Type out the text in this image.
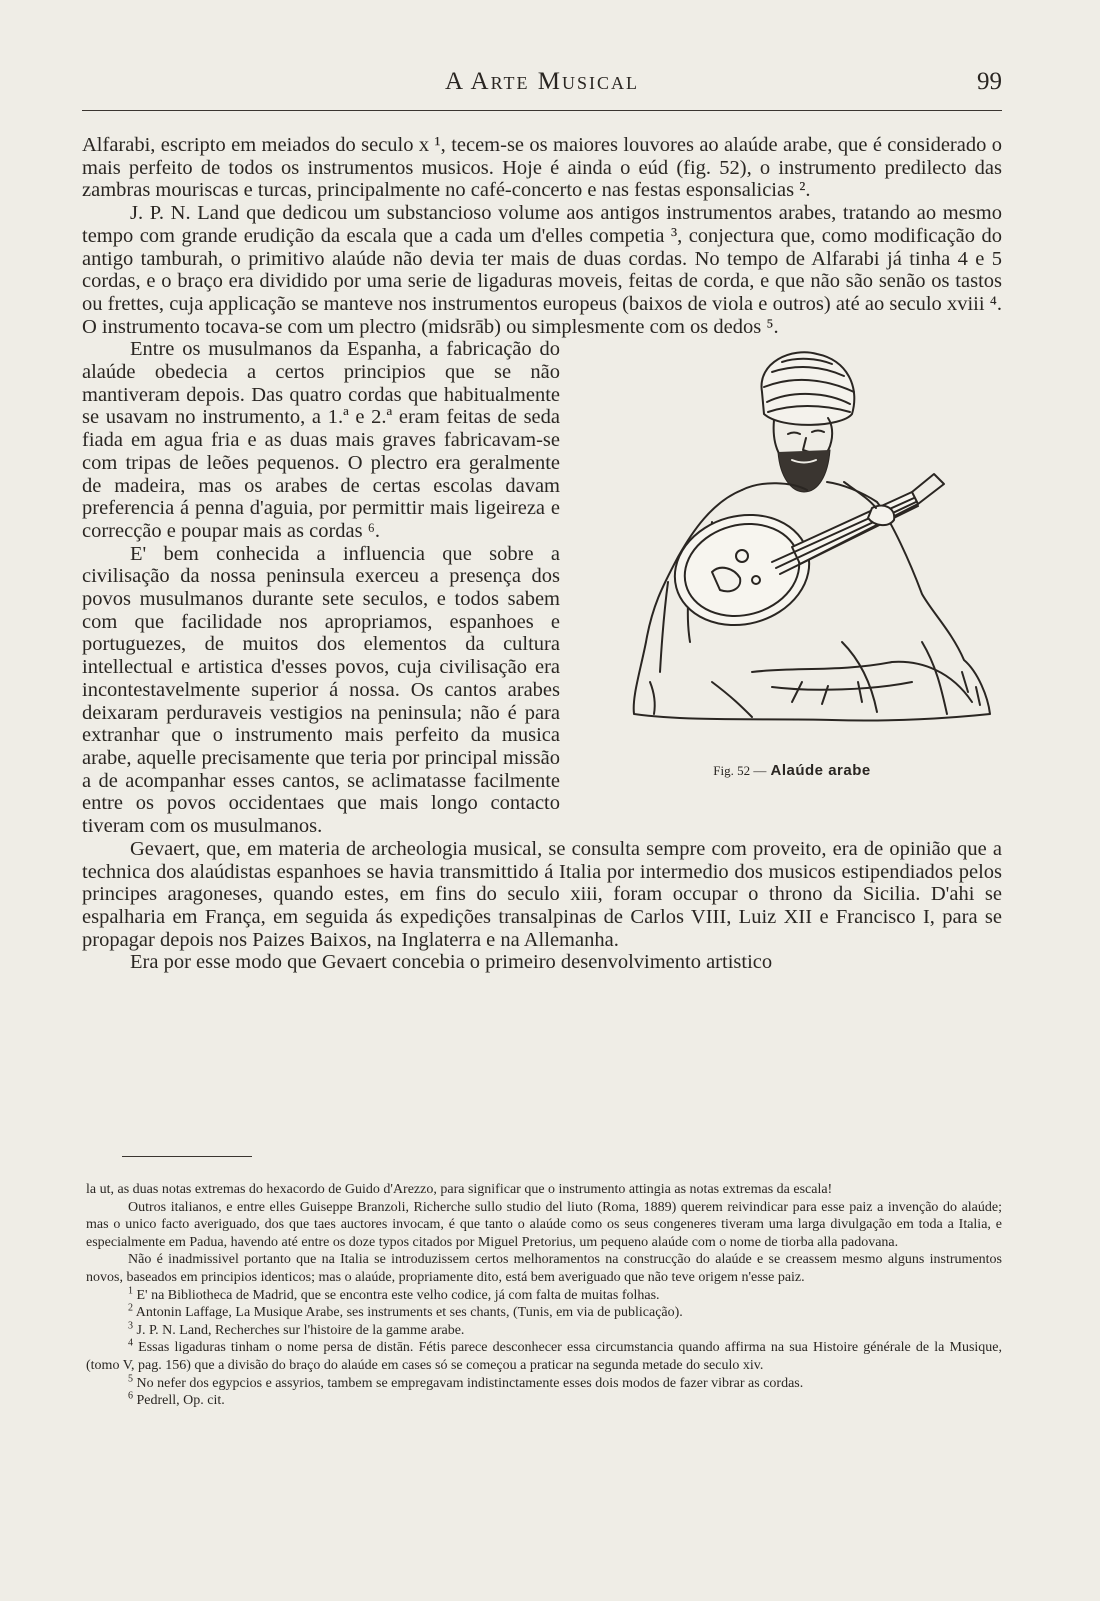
A Arte Musical	99

Alfarabi, escripto em meiados do seculo x ¹, tecem-se os maiores louvores ao alaúde arabe, que é considerado o mais perfeito de todos os instrumentos musicos. Hoje é ainda o eúd (fig. 52), o instrumento predilecto das zambras mouriscas e turcas, principalmente no café-concerto e nas festas esponsalicias ².

J. P. N. Land que dedicou um substancioso volume aos antigos instrumentos arabes, tratando ao mesmo tempo com grande erudição da escala que a cada um d'elles competia ³, conjectura que, como modificação do antigo tamburah, o primitivo alaúde não devia ter mais de duas cordas. No tempo de Alfarabi já tinha 4 e 5 cordas, e o braço era dividido por uma serie de ligaduras moveis, feitas de corda, e que não são senão os tastos ou frettes, cuja applicação se manteve nos instrumentos europeus (baixos de viola e outros) até ao seculo xviii ⁴. O instrumento tocava-se com um plectro (midsrāb) ou simplesmente com os dedos ⁵.

Fig. 52 — Alaúde arabe

Entre os musulmanos da Espanha, a fabricação do alaúde obedecia a certos principios que se não mantiveram depois. Das quatro cordas que habitualmente se usavam no instrumento, a 1.ª e 2.ª eram feitas de seda fiada em agua fria e as duas mais graves fabricavam-se com tripas de leões pequenos. O plectro era geralmente de madeira, mas os arabes de certas escolas davam preferencia á penna d'aguia, por permittir mais ligeireza e correcção e poupar mais as cordas ⁶.

E' bem conhecida a influencia que sobre a civilisação da nossa peninsula exerceu a presença dos povos musulmanos durante sete seculos, e todos sabem com que facilidade nos apropriamos, espanhoes e portuguezes, de muitos dos elementos da cultura intellectual e artistica d'esses povos, cuja civilisação era incontestavelmente superior á nossa. Os cantos arabes deixaram perduraveis vestigios na peninsula; não é para extranhar que o instrumento mais perfeito da musica arabe, aquelle precisamente que teria por principal missão a de acompanhar esses cantos, se aclimatasse facilmente entre os povos occidentaes que mais longo contacto tiveram com os musulmanos.

Gevaert, que, em materia de archeologia musical, se consulta sempre com proveito, era de opinião que a technica dos alaúdistas espanhoes se havia transmittido á Italia por intermedio dos musicos estipendiados pelos principes aragoneses, quando estes, em fins do seculo xiii, foram occupar o throno da Sicilia. D'ahi se espalharia em França, em seguida ás expedições transalpinas de Carlos VIII, Luiz XII e Francisco I, para se propagar depois nos Paizes Baixos, na Inglaterra e na Allemanha.

Era por esse modo que Gevaert concebia o primeiro desenvolvimento artistico

la ut, as duas notas extremas do hexacordo de Guido d'Arezzo, para significar que o instrumento attingia as notas extremas da escala!

Outros italianos, e entre elles Guiseppe Branzoli, Richerche sullo studio del liuto (Roma, 1889) querem reivindicar para esse paiz a invenção do alaúde; mas o unico facto averiguado, dos que taes auctores invocam, é que tanto o alaúde como os seus congeneres tiveram uma larga divulgação em toda a Italia, e especialmente em Padua, havendo até entre os doze typos citados por Miguel Pretorius, um pequeno alaúde com o nome de tiorba alla padovana.

Não é inadmissivel portanto que na Italia se introduzissem certos melhoramentos na construcção do alaúde e se creassem mesmo alguns instrumentos novos, baseados em principios identicos; mas o alaúde, propriamente dito, está bem averiguado que não teve origem n'esse paiz.

$^1$ E' na Bibliotheca de Madrid, que se encontra este velho codice, já com falta de muitas folhas.

$^2$ Antonin Laffage, La Musique Arabe, ses instruments et ses chants, (Tunis, em via de publicação).

$^3$ J. P. N. Land, Recherches sur l'histoire de la gamme arabe.

$^4$ Essas ligaduras tinham o nome persa de distān. Fétis parece desconhecer essa circumstancia quando affirma na sua Histoire générale de la Musique, (tomo V, pag. 156) que a divisão do braço do alaúde em cases só se começou a praticar na segunda metade do seculo xiv.

$^5$ No nefer dos egypcios e assyrios, tambem se empregavam indistinctamente esses dois modos de fazer vibrar as cordas.

$^6$ Pedrell, Op. cit.
